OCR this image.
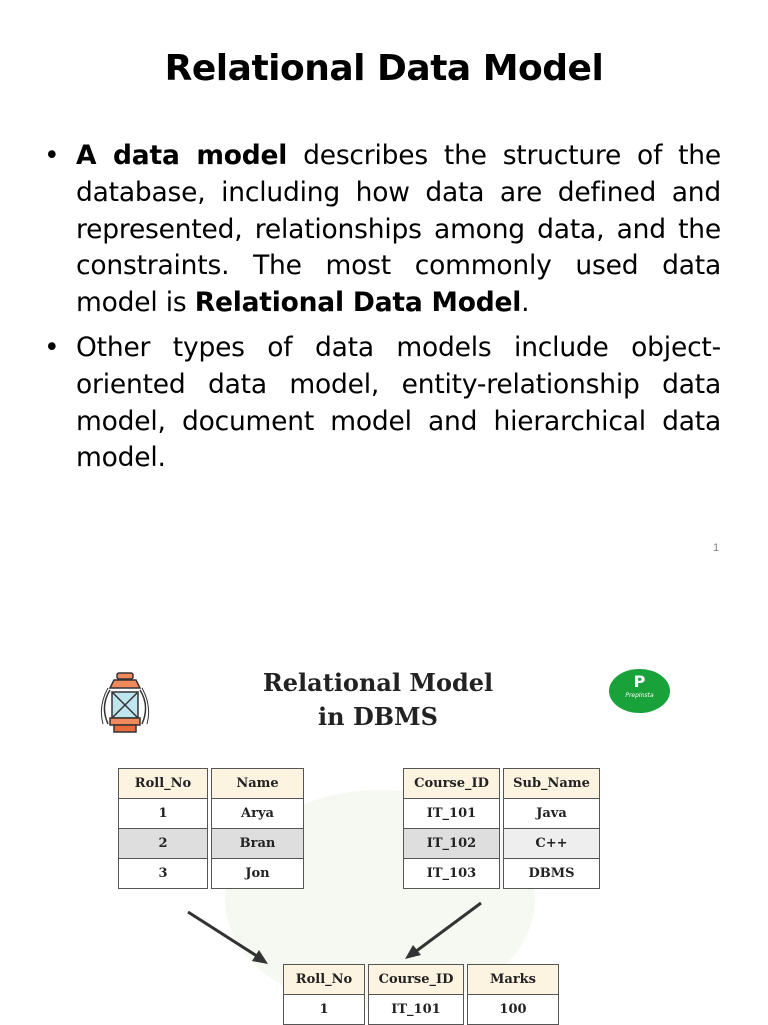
Relational Data Model
• A data model describes the structure of the database, including how data are defined and represented, relationships among data, and the constraints. The most commonly used data model is Relational Data Model.
• Other types of data models include object-oriented data model, entity-relationship data model, document model and hierarchical data model.
1
Relational Model
in DBMS
P
PrepInsta
Roll_No	Name
1	Arya
2	Bran
3	Jon
Course_ID	Sub_Name
IT_101	Java
IT_102	C++
IT_103	DBMS
Roll_No	Course_ID	Marks
1	IT_101	100
